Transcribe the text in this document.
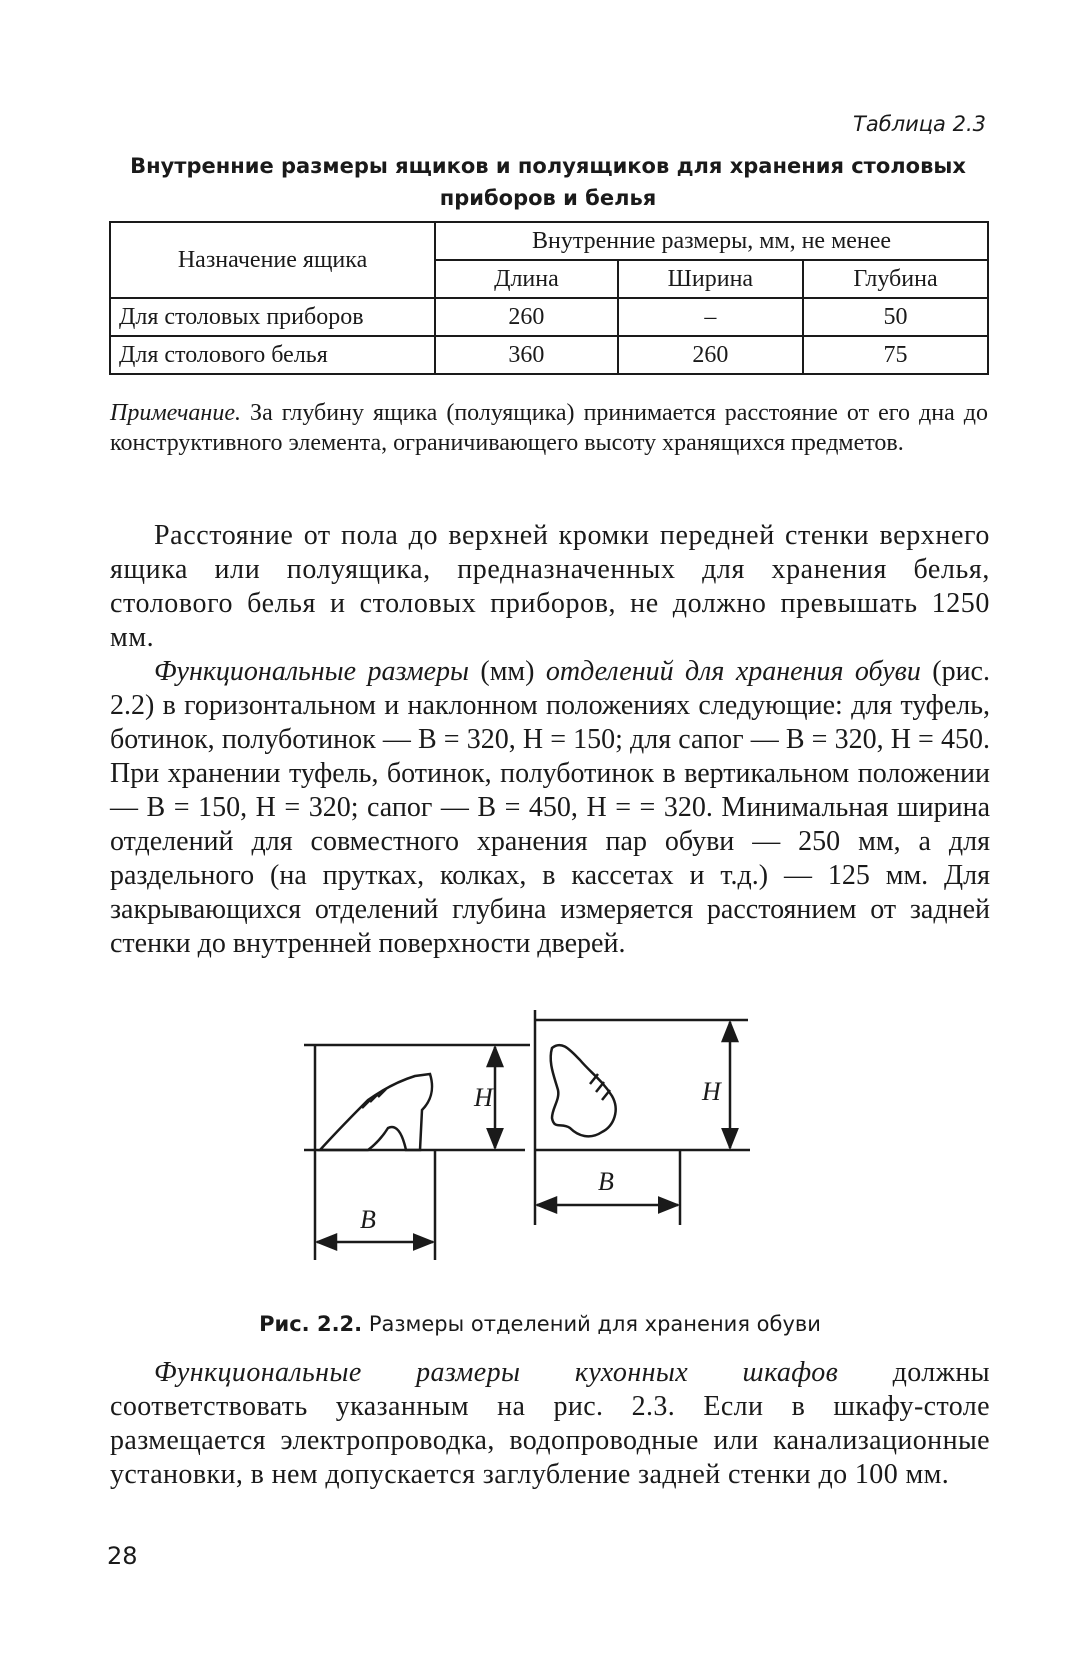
Таблица 2.3
Внутренние размеры ящиков и полуящиков для хранения столовых приборов и белья
Назначение ящика	Внутренние размеры, мм, не менее		
	Длина	Ширина	Глубина
Для столовых приборов	260	–	50
Для столового белья	360	260	75
Примечание. За глубину ящика (полуящика) принимается расстояние от его дна до конструктивного элемента, ограничивающего высоту хранящихся предметов.
Расстояние от пола до верхней кромки передней стенки верхнего ящика или полуящика, предназначенных для хранения белья, столового белья и столовых приборов, не должно превышать 1250 мм.
Функциональные размеры (мм) отделений для хранения обуви (рис. 2.2) в горизонтальном и наклонном положениях следующие: для туфель, ботинок, полуботинок — B = 320, H = 150; для сапог — B = 320, H = 450. При хранении туфель, ботинок, полуботинок в вертикальном положении — B = 150, H = 320; сапог — B = 450, H = = 320. Минимальная ширина отделений для совместного хранения пар обуви — 250 мм, а для раздельного (на прутках, колках, в кассетах и т.д.) — 125 мм. Для закрывающихся отделений глубина измеряется расстоянием от задней стенки до внутренней поверхности дверей.
B
H
B
H
Рис. 2.2. Размеры отделений для хранения обуви
Функциональные размеры кухонных шкафов должны соответствовать указанным на рис. 2.3. Если в шкафу-столе размещается электропроводка, водопроводные или канализационные установки, в нем допускается заглубление задней стенки до 100 мм.
28
